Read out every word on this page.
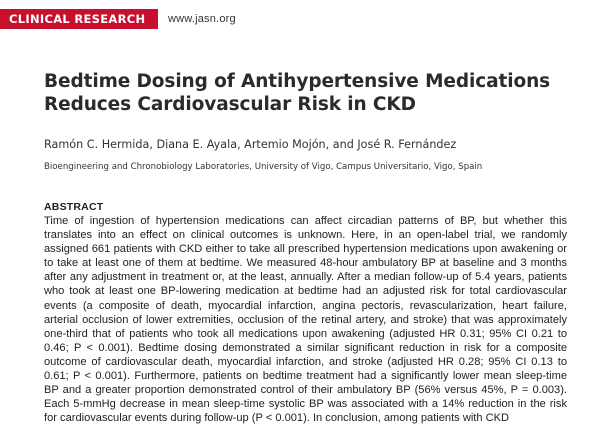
CLINICAL RESEARCH	www.jasn.org
Bedtime Dosing of Antihypertensive Medications Reduces Cardiovascular Risk in CKD
Ramón C. Hermida, Diana E. Ayala, Artemio Mojón, and José R. Fernández
Bioengineering and Chronobiology Laboratories, University of Vigo, Campus Universitario, Vigo, Spain
ABSTRACT
Time of ingestion of hypertension medications can affect circadian patterns of BP, but whether this translates into an effect on clinical outcomes is unknown. Here, in an open-label trial, we randomly assigned 661 patients with CKD either to take all prescribed hypertension medications upon awakening or to take at least one of them at bedtime. We measured 48-hour ambulatory BP at baseline and 3 months after any adjustment in treatment or, at the least, annually. After a median follow-up of 5.4 years, patients who took at least one BP-lowering medication at bedtime had an adjusted risk for total cardiovascular events (a composite of death, myocardial infarction, angina pectoris, revascularization, heart failure, arterial occlusion of lower extremities, occlusion of the retinal artery, and stroke) that was approximately one-third that of patients who took all medications upon awakening (adjusted HR 0.31; 95% CI 0.21 to 0.46; P < 0.001). Bedtime dosing demonstrated a similar significant reduction in risk for a composite outcome of cardiovascular death, myocardial infarction, and stroke (adjusted HR 0.28; 95% CI 0.13 to 0.61; P < 0.001). Furthermore, patients on bedtime treatment had a significantly lower mean sleep-time BP and a greater proportion demonstrated control of their ambulatory BP (56% versus 45%, P = 0.003). Each 5-mmHg decrease in mean sleep-time systolic BP was associated with a 14% reduction in the risk for cardiovascular events during follow-up (P < 0.001). In conclusion, among patients with CKD
